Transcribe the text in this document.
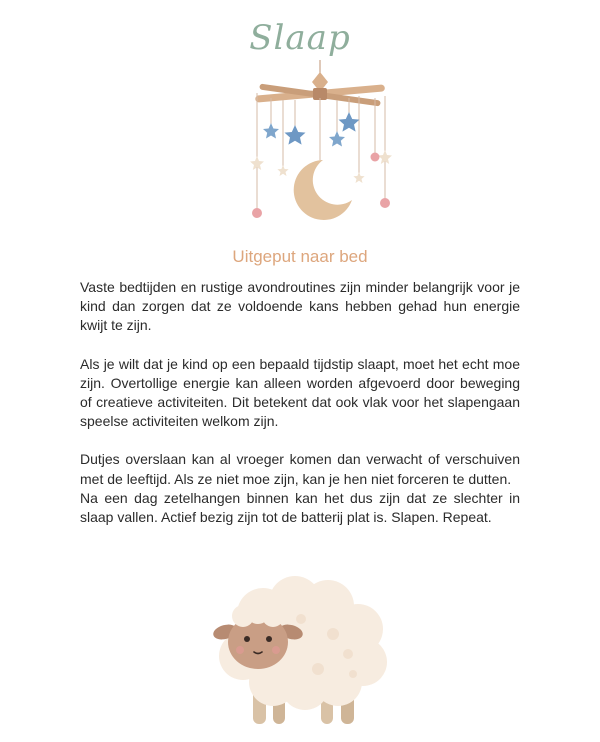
Slaap
Uitgeput naar bed

Vaste bedtijden en rustige avondroutines zijn minder belangrijk voor je kind dan zorgen dat ze voldoende kans hebben gehad hun energie kwijt te zijn.

Als je wilt dat je kind op een bepaald tijdstip slaapt, moet het echt moe zijn. Overtollige energie kan alleen worden afgevoerd door beweging of creatieve activiteiten. Dit betekent dat ook vlak voor het slapengaan speelse activiteiten welkom zijn.

Dutjes overslaan kan al vroeger komen dan verwacht of verschuiven met de leeftijd. Als ze niet moe zijn, kan je hen niet forceren te dutten.

Na een dag zetelhangen binnen kan het dus zijn dat ze slechter in slaap vallen. Actief bezig zijn tot de batterij plat is. Slapen. Repeat.
